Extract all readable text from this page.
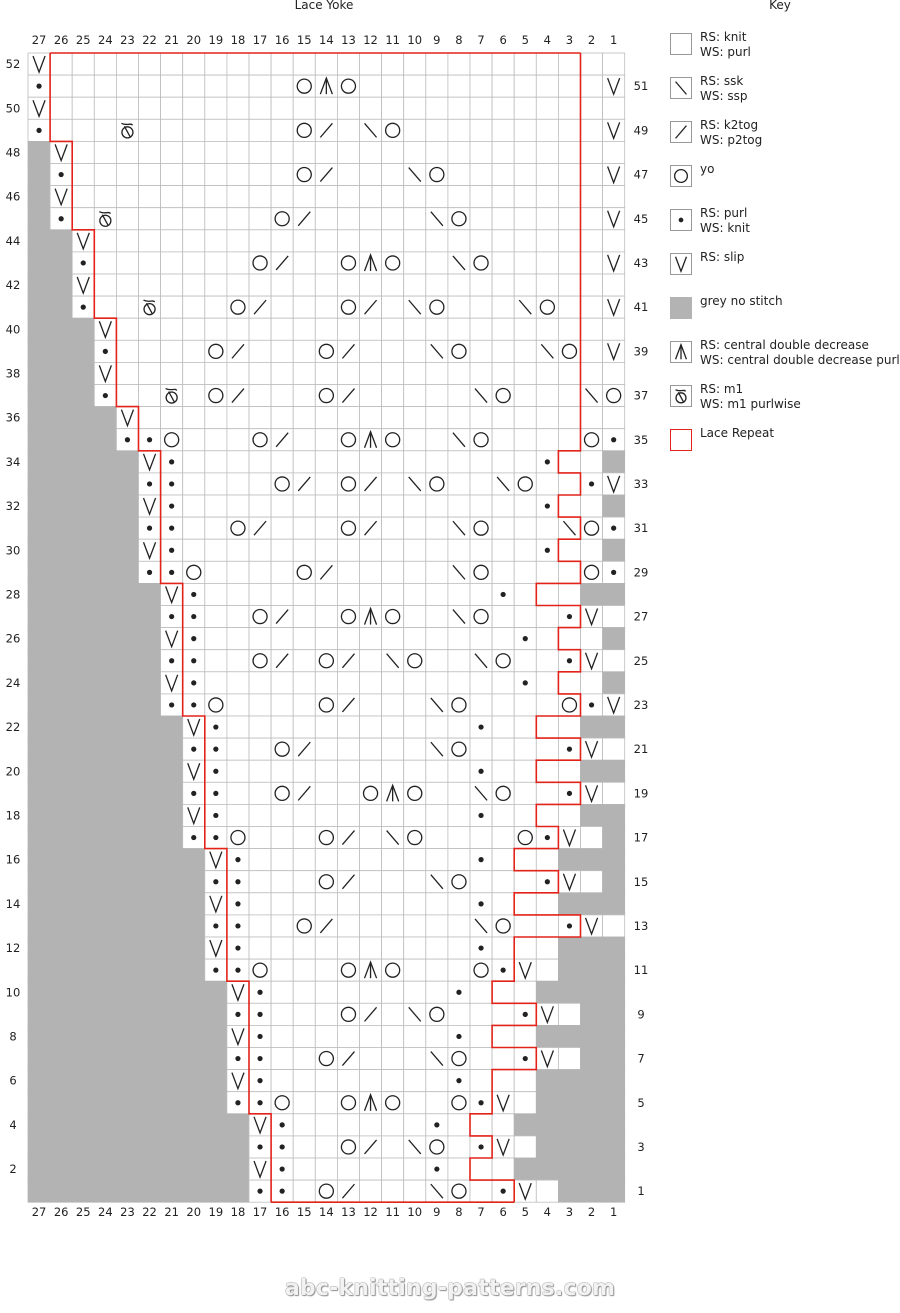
27
27
26
26
25
25
24
24
23
23
22
22
21
21
20
20
19
19
18
18
17
17
16
16
15
15
14
14
13
13
12
12
11
11
10
10
9
9
8
8
7
7
6
6
5
5
4
4
3
3
2
2
1
1
52
50
48
46
44
42
40
38
36
34
32
30
28
26
24
22
20
18
16
14
12
10
8
6
4
2
51
49
47
45
43
41
39
37
35
33
31
29
27
25
23
21
19
17
15
13
11
9
7
5
3
1
Lace Yoke	Key
RS: knit
WS: purl
RS: ssk
WS: ssp
RS: k2tog
WS: p2tog
yo
RS: purl
WS: knit
RS: slip
grey no stitch
RS: central double decrease
WS: central double decrease purl
RS: m1
WS: m1 purlwise
Lace Repeat
abc-knitting-patterns.com
